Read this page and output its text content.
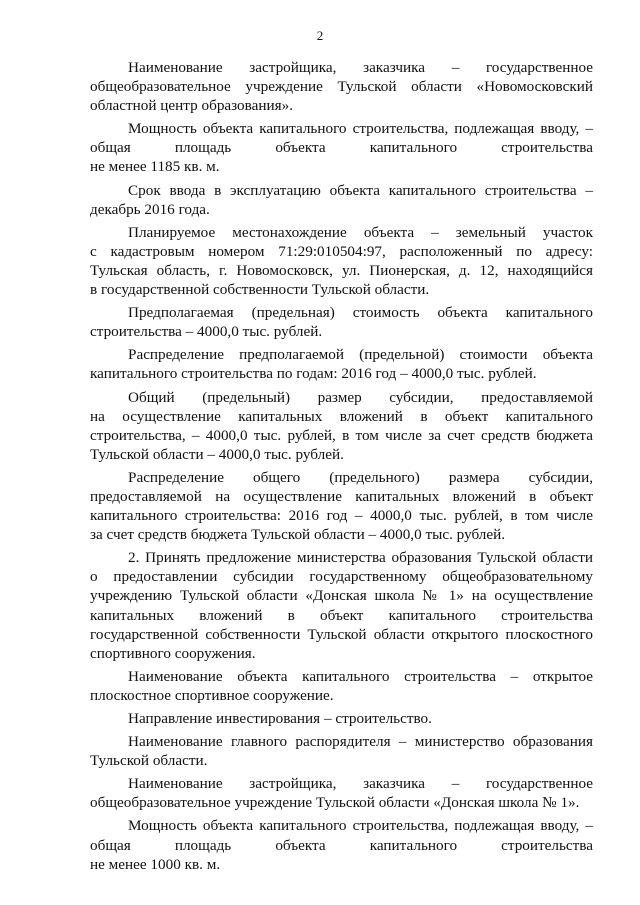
2
Наименование застройщика, заказчика – государственное
общеобразовательное учреждение Тульской области «Новомосковский
областной центр образования».
Мощность объекта капитального строительства, подлежащая вводу, –
общая площадь объекта капитального строительства
не менее 1185 кв. м.
Срок ввода в эксплуатацию объекта капитального строительства –
декабрь 2016 года.
Планируемое местонахождение объекта – земельный участок
с кадастровым номером 71:29:010504:97, расположенный по адресу:
Тульская область, г. Новомосковск, ул. Пионерская, д. 12, находящийся
в государственной собственности Тульской области.
Предполагаемая (предельная) стоимость объекта капитального
строительства – 4000,0 тыс. рублей.
Распределение предполагаемой (предельной) стоимости объекта
капитального строительства по годам: 2016 год – 4000,0 тыс. рублей.
Общий (предельный) размер субсидии, предоставляемой
на осуществление капитальных вложений в объект капитального
строительства, – 4000,0 тыс. рублей, в том числе за счет средств бюджета
Тульской области – 4000,0 тыс. рублей.
Распределение общего (предельного) размера субсидии,
предоставляемой на осуществление капитальных вложений в объект
капитального строительства: 2016 год – 4000,0 тыс. рублей, в том числе
за счет средств бюджета Тульской области – 4000,0 тыс. рублей.
2. Принять предложение министерства образования Тульской области
о предоставлении субсидии государственному общеобразовательному
учреждению Тульской области «Донская школа № 1» на осуществление
капитальных вложений в объект капитального строительства
государственной собственности Тульской области открытого плоскостного
спортивного сооружения.
Наименование объекта капитального строительства – открытое
плоскостное спортивное сооружение.
Направление инвестирования – строительство.
Наименование главного распорядителя – министерство образования
Тульской области.
Наименование застройщика, заказчика – государственное
общеобразовательное учреждение Тульской области «Донская школа № 1».
Мощность объекта капитального строительства, подлежащая вводу, –
общая площадь объекта капитального строительства
не менее 1000 кв. м.
